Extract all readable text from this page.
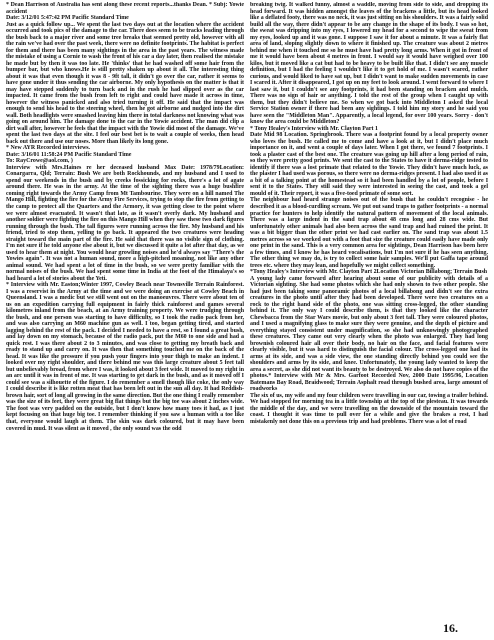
* Dean Harrison of Australia has sent along these recent reports...thanks Dean. * Subj: Yowie accident

Date: 3/12/01 5:47:42 PM Pacific Standard Time

Just as a quick follow up... We spent the last two days out at the location where the accident occurred and took pics of the damage to the car. There does seem to be tracks leading through the bush back to a major river and some tree breaks that seemed pretty old, however with all the rain we've had over the past week, there were no definite footprints. The habitat is perfect for them and there has been many sightings in the area in the past years. The witness made the mistake of using a Cornie to wash the front of his car a day later, then realised the mistake he made but by then it was too late. He 'thinks' that he had washed off some hair from the bumper bar, but who knows.He is still pretty shaken up about it all. The interesting thing about it was that even though it was 8 - 9ft tall, it didn't go over the car, rather it seems to have gone under it thus sending the car airborne. My only hypothesis on the matter is that it may have stepped suddenly to turn back and in the rush he had slipped over as the car impacted. It came from the bush from left to right and could have made it across in time, however the witness panicked and also tried turning it off. He said that the impact was enough to send his head to the steering wheel, then he got airborne and nudged into the dirt wall. Both headlights were smashed leaving him there in total darkness not knowing what was going on around him. The damage done to the car in the Yowie accident. The man did clip a dirt wall after, however he feels that the impact with the Yowie did most of the damage. We've spent the last two days at the site. I feel our best bet is to wait a couple of weeks, then head back out there and use our noses. More than likely its long gone.

* New AYR Recorded interviews.

Date: 3/16/01 11:58:24 PM Pacific Standard Time

To: RayCrowe@aol.com, )

Interview with Mrs.Haines re her deceased husband Max Date: 1978/79Location: Conargarra, Qld; Terrain: Bush We are both Rockhounds, and my husband and I used to spend our weekends in the bush and by creeks fossicking for rocks, there's a lot of agate around there. He was in the army. At the time of the sighting there was a huge bushfire coming right towards the Army Camp from Mt Tambourine. They were on a hill named The Mango Hill, fighting the fire for the Army Fire Services, trying to stop the fire from getting to the camp to protect all the Quarters and the Armory, it was getting close to the point where we were almost evacuated. It wasn't that late, as it wasn't overly dark. My husband and another soldier were fighting the fire on this Mango Hill when they saw these two dark figures running through the bush. The tall figures were running across the fire. My husband and his friend, tried to stop them, yelling to go back. It appeared the two creatures were heading straight toward the main part of the fire. He said that there was no visible sign of clothing. I'm not sure if he told anyone else about it, but we discussed it quite a lot after that day, as we used to hear them at night. You would hear growling noises and he'd always say "There's the Yowies again". It was not a human sound, more a high-pitched moaning, not like any other animal sound. We had spent a lot of time in the bush, so we were pretty familiar with the normal noises of the bush. We had spent some time in India at the foot of the Himalaya's so had heard a lot of stories about the Yeti.

* Interview with Mr. Easton;Winter 1997, Cowley Beach near Townsville Terrain Rainforest. I was a reservist in the Army at the time and we were doing an exercise at Cowley Beach in Queensland. I was a medic but we still went out on the manoeuvres. There were about ten of us on an expedition carrying full equipment in fairly thick rainforest and games several kilometres inland from the beach, at an Army training property. We were trudging through the bush, and one person was starting to have difficulty, so I took the radio pack from her, and was also carrying an M60 machine gun as well. I too, began getting tired, and started lagging behind the rest of the pack. I decided I needed to have a rest, so I found a great bush, and lay down on my stomach, because of the radio pack, put the M60 to one side and had a quick rest. I was there about 2 to 3 minutes, and was close to getting my breath back and ready to stand up and carry on. It was then that something touched me on the back of the head. It was like the pressure if you push your fingers into your thigh to make an indent. I looked over my right shoulder, and there behind me was this large creature about 5 feet tall but unbelievably broad, from where I was, it looked about 3 feet wide. It moved to my right in an arc until it was in front of me. It was starting to get dark in the bush, and as it moved off I could see was a silhouette of the figure. I do remember a smell though like coke, the only way I could describe it is like rotten meat that has been left out in the sun all day. It had Reddish-brown hair, sort of long all growing in the same direction. But the one thing I really remember was the size of its feet, they were great big flat things but the big toe was about 2 inches wide. The foot was very padded on the outside, but I don't know how many toes it had, as I just kept focusing on that huge big toe. I remember thinking if you saw a human with a toe like that, everyone would laugh at them. The skin was dark coloured, but it may have been covered in mud. It was silent as it moved , the only sound was the odd

breaking twig. It walked funny, almost a waddle, moving from side to side, and dropping its head forward. It was hidden amongst the leaves of the brackens a little, but its head looked like a deflated footy, there was no neck, it was just sitting on his shoulders. It was a fairly solid build all the way, there didn't appear to be any change in the shape of its body. I was so hot, the sweat was dripping into my eyes, I lowered my head for a second to wipe the sweat from my eyes, looked up and it was gone. I suppose I saw it for about a minute. It was a fairly flat area of land, sloping slightly down to where it finished up. The creature was about 2 metres behind me when it touched me so he must have had pretty long arms. When it got in front of me it would have been about 4 metres in front. I would say it would have weighed over 100 kilos, but it moved like a cat but had to be heavy to be built like that. I didn't see any muscle definition, but I had the feeling I wouldn't like it to get hold of me. I wasn't scared, rather curious, and would liked to have sat up, but I didn't want to make sudden movements in case I scared it. After it disappeared, I got up on my feet to look around. I went forward to where I last saw it, but I couldn't see any footprints, it had been standing on bracken and mulch. There was no sign of hair or anything. I told the rest of the group when I caught up with them, but they didn't believe me. So when we got back into Middleton I asked the local Service Station owner if there had been any sightings. I told him my story and he said you have seen the "Middleton Man". Apparently, a local legend, for over 100 years. Sorry - don't know the area could be Middleton?

* Tony Healey's Interview with Mr. Clayton Part 1

Date Mid 98 Location. Springbrook. There was a footprint found by a local property owner who loves the bush. He called me to come and have a look at it, but I didn't place much importance on it, and went a couple of days later. When I got there, we found 7 footprints. I took a plaster cast of the best one. The creature was going up hill after a long period of rain, so they were pretty good prints. We sent the cast to the States to have it derma-ridge tested to identify if there was a lost primate that related to the Yowie. They didn't have much luck, as the plaster I had used was porous, so there were no derma-ridges present. I had also used it as a bit of a talking point at the homestead so it had been handled by a lot of people, before I sent it to the States. They still said they were interested in seeing the cast, and took a gel mould of it. Their report, it was a five-toed primate of some sort.

The neighbour had heard strange noises out of the bush that he couldn't recognise - he described it as a blood-curdling scream. We put out sand traps to gather footprints - a normal practice for hunters to help identify the natural pattern of movement of the local animals. There was a large indent in the sand trap about 48 cms long and 28 cms wide. But unfortunately other animals had also been across the sand trap and had ruined the print. It was a bit bigger than the other print we had cast earlier on. The sand trap was about 1.5 metres across so we worked out with a foot that size the creature could easily have made only one print in the sand. This is a very common area for sightings, Dean Harrison has been here a few times, and I know he has heard vocalisations, but I'm not sure if he has seen anything. The other thing we may do, is try to collect some hair samples. We'll put Gaffa tape around trees etc. where they may lean, and hopefully we might collect something.

*Tony Healey's Interview with Mr. Clayton Part 2Location Victorian Billabong; Terrain Bush

A young lady came forward after hearing about some of our publicity with details of a Victorian sighting. She had some photos which she had only shown to two other people. She had just been taking some panoramic photos of a local billabong and didn't see the extra creatures in the photo until after they had been developed. There were two creatures on a rock to the right hand side of the photo, one was sitting cross-legged, the other standing behind it. The only way I could describe them, is that they looked like the character Chewbacca from the Star Wars movie, but only about 3 feet tall. They were coloured photos, and I used a magnifying glass to make sure they were genuine, and the depth of picture and everything stayed consistent under magnification, so she had unknowingly photographed these creatures. They came out very clearly when the photo was enlarged. They had long brownish coloured hair all over their body, no hair on the face, and facial features were clearly visible, but it was hard to distinguish the facial colour. The cross-legged one had its arms at its side, and was a side view, the one standing directly behind you could see the shoulders and arms by its side, and knee. Unfortunately, the young lady wanted to keep the area a secret, as she did not want its beauty to be destroyed. We also do not have copies of the photos.* Interview with Mr & Mrs. Garfoot Recorded Nov, 2000 Date 1995/96, Location Batemans Bay Road, Braidwood; Terrain Asphalt road through bushed area, large amount of roadworks

The six of us, my wife and my four children were travelling in our car, towing a trailer behind. We had stopped for morning tea in a little township at the top of the plesteau. It was towards the middle of the day, and we were travelling on the downside of the mountain toward the coast. I thought it was time to pull over for a while and give the brakes a rest, I had mistakenly not done this on a previous trip and had problems. There was a lot of road

16.
